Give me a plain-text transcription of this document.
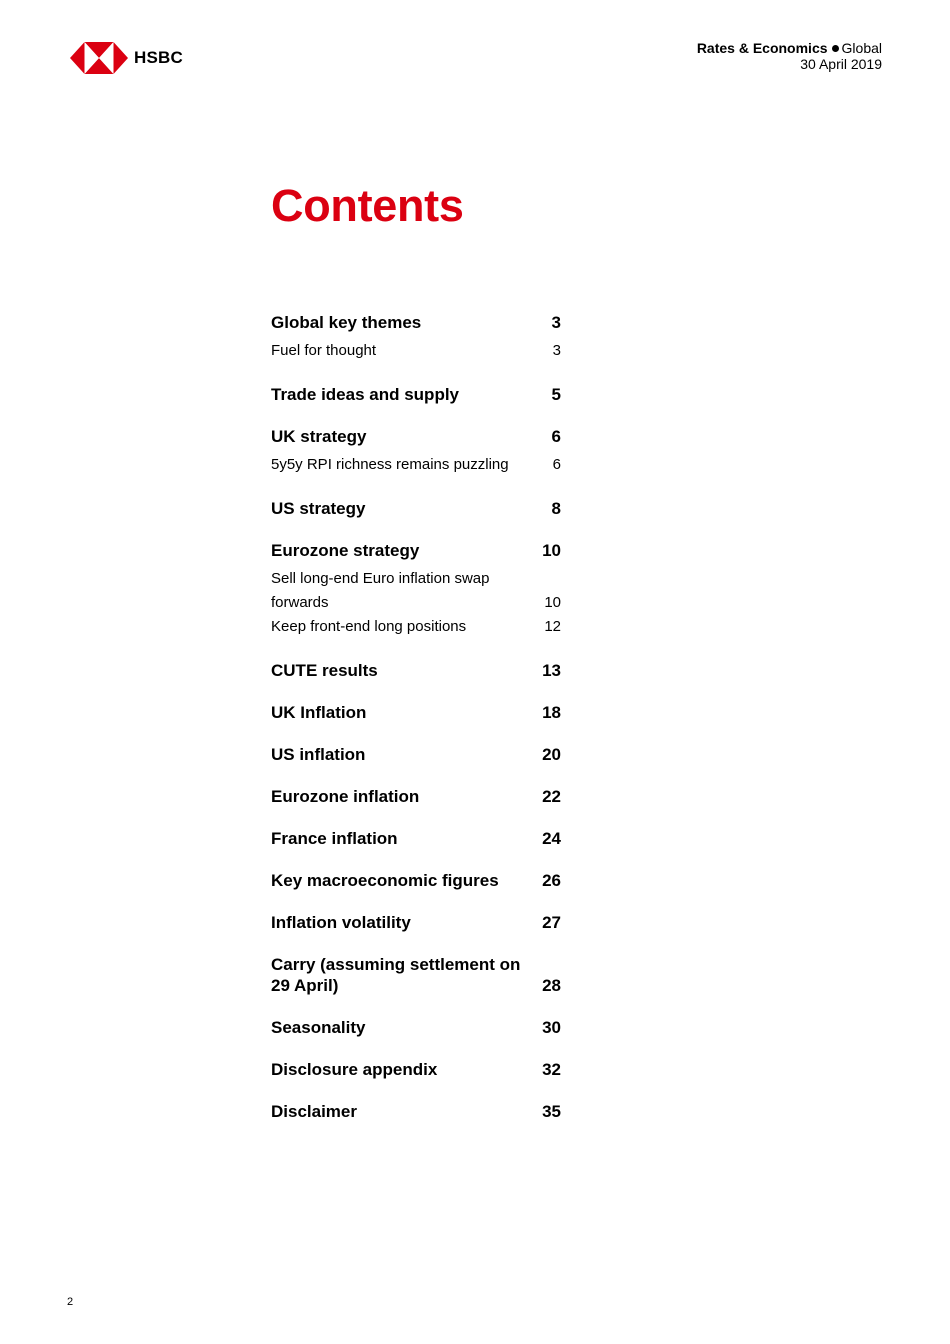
HSBC	Rates & Economics Global
30 April 2019
Contents
Global key themes	3
Fuel for thought	3
Trade ideas and supply	5
UK strategy	6
5y5y RPI richness remains puzzling	6
US strategy	8
Eurozone strategy	10
Sell long-end Euro inflation swap forwards	10
Keep front-end long positions	12
CUTE results	13
UK Inflation	18
US inflation	20
Eurozone inflation	22
France inflation	24
Key macroeconomic figures	26
Inflation volatility	27
Carry (assuming settlement on 29 April)	28
Seasonality	30
Disclosure appendix	32
Disclaimer	35
2
